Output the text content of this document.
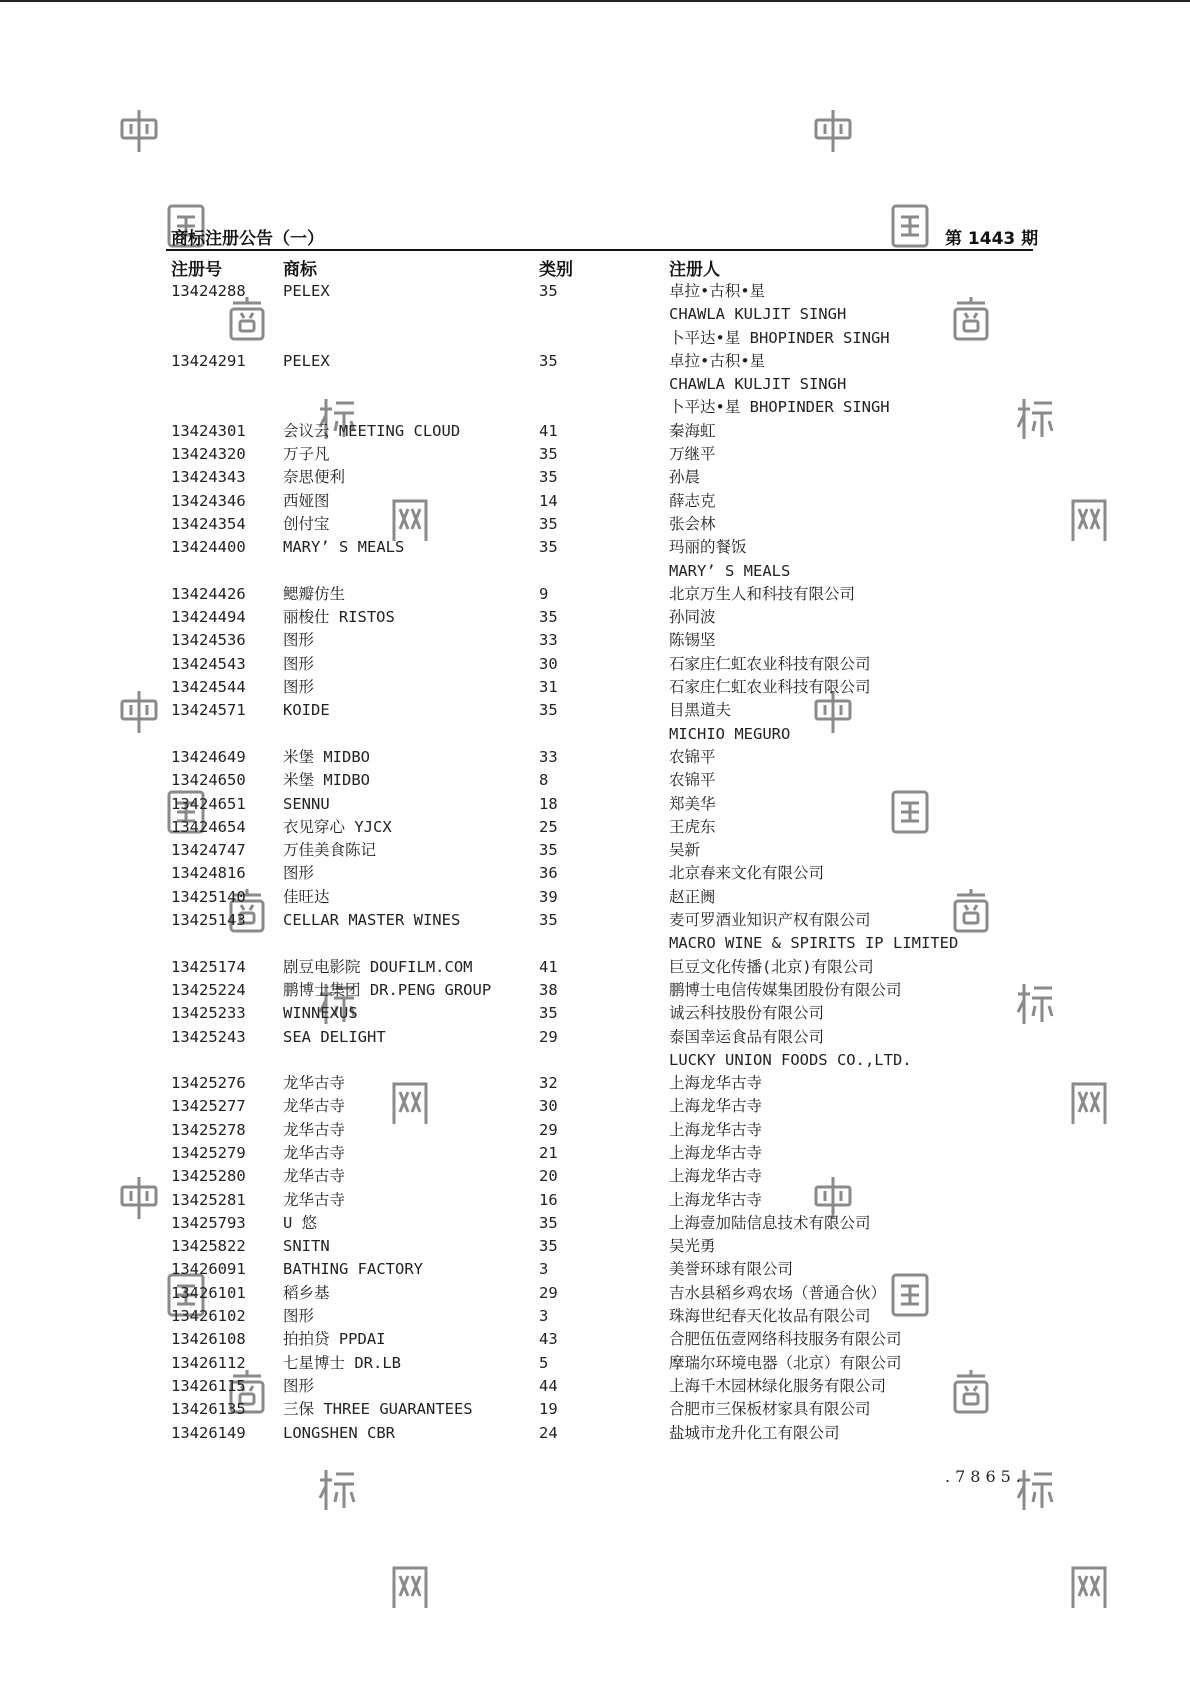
商标注册公告（一）	第 1443 期
注册号	商标	类别	注册人
13424288 PELEX	35	卓拉•古积•星
CHAWLA KULJIT SINGH
卜平达•星 BHOPINDER SINGH
13424291 PELEX	35	卓拉•古积•星
CHAWLA KULJIT SINGH
卜平达•星 BHOPINDER SINGH
13424301 会议云 MEETING CLOUD	41	秦海虹
13424320 万子凡	35	万继平
13424343 奈思便利	35	孙晨
13424346 西娅图	14	薛志克
13424354 创付宝	35	张会林
13424400 MARY’ S MEALS	35	玛丽的餐饭
MARY’ S MEALS
13424426 鳃瓣仿生	9	北京万生人和科技有限公司
13424494 丽梭仕 RISTOS	35	孙同波
13424536 图形	33	陈锡坚
13424543 图形	30	石家庄仁虹农业科技有限公司
13424544 图形	31	石家庄仁虹农业科技有限公司
13424571 KOIDE	35	目黑道夫
MICHIO MEGURO
13424649 米堡 MIDBO	33	农锦平
13424650 米堡 MIDBO	8	农锦平
13424651 SENNU	18	郑美华
13424654 衣见穿心 YJCX	25	王虎东
13424747 万佳美食陈记	35	吴新
13424816 图形	36	北京春来文化有限公司
13425140 佳旺达	39	赵正阓
13425143 CELLAR MASTER WINES	35	麦可罗酒业知识产权有限公司
MACRO WINE & SPIRITS IP LIMITED
13425174 剧豆电影院 DOUFILM.COM	41	巨豆文化传播(北京)有限公司
13425224 鹏博士集团 DR.PENG GROUP	38	鹏博士电信传媒集团股份有限公司
13425233 WINNEXUS	35	诚云科技股份有限公司
13425243 SEA DELIGHT	29	泰国幸运食品有限公司
LUCKY UNION FOODS CO.,LTD.
13425276 龙华古寺	32	上海龙华古寺
13425277 龙华古寺	30	上海龙华古寺
13425278 龙华古寺	29	上海龙华古寺
13425279 龙华古寺	21	上海龙华古寺
13425280 龙华古寺	20	上海龙华古寺
13425281 龙华古寺	16	上海龙华古寺
13425793 U 悠	35	上海壹加陆信息技术有限公司
13425822 SNITN	35	吴光勇
13426091 BATHING FACTORY	3	美誉环球有限公司
13426101 稻乡基	29	吉水县稻乡鸡农场（普通合伙）
13426102 图形	3	珠海世纪春天化妆品有限公司
13426108 拍拍贷 PPDAI	43	合肥伍伍壹网络科技服务有限公司
13426112 七星博士 DR.LB	5	摩瑞尔环境电器（北京）有限公司
13426115 图形	44	上海千木园林绿化服务有限公司
13426135 三保 THREE GUARANTEES	19	合肥市三保板材家具有限公司
13426149 LONGSHEN CBR	24	盐城市龙升化工有限公司
.7865.
